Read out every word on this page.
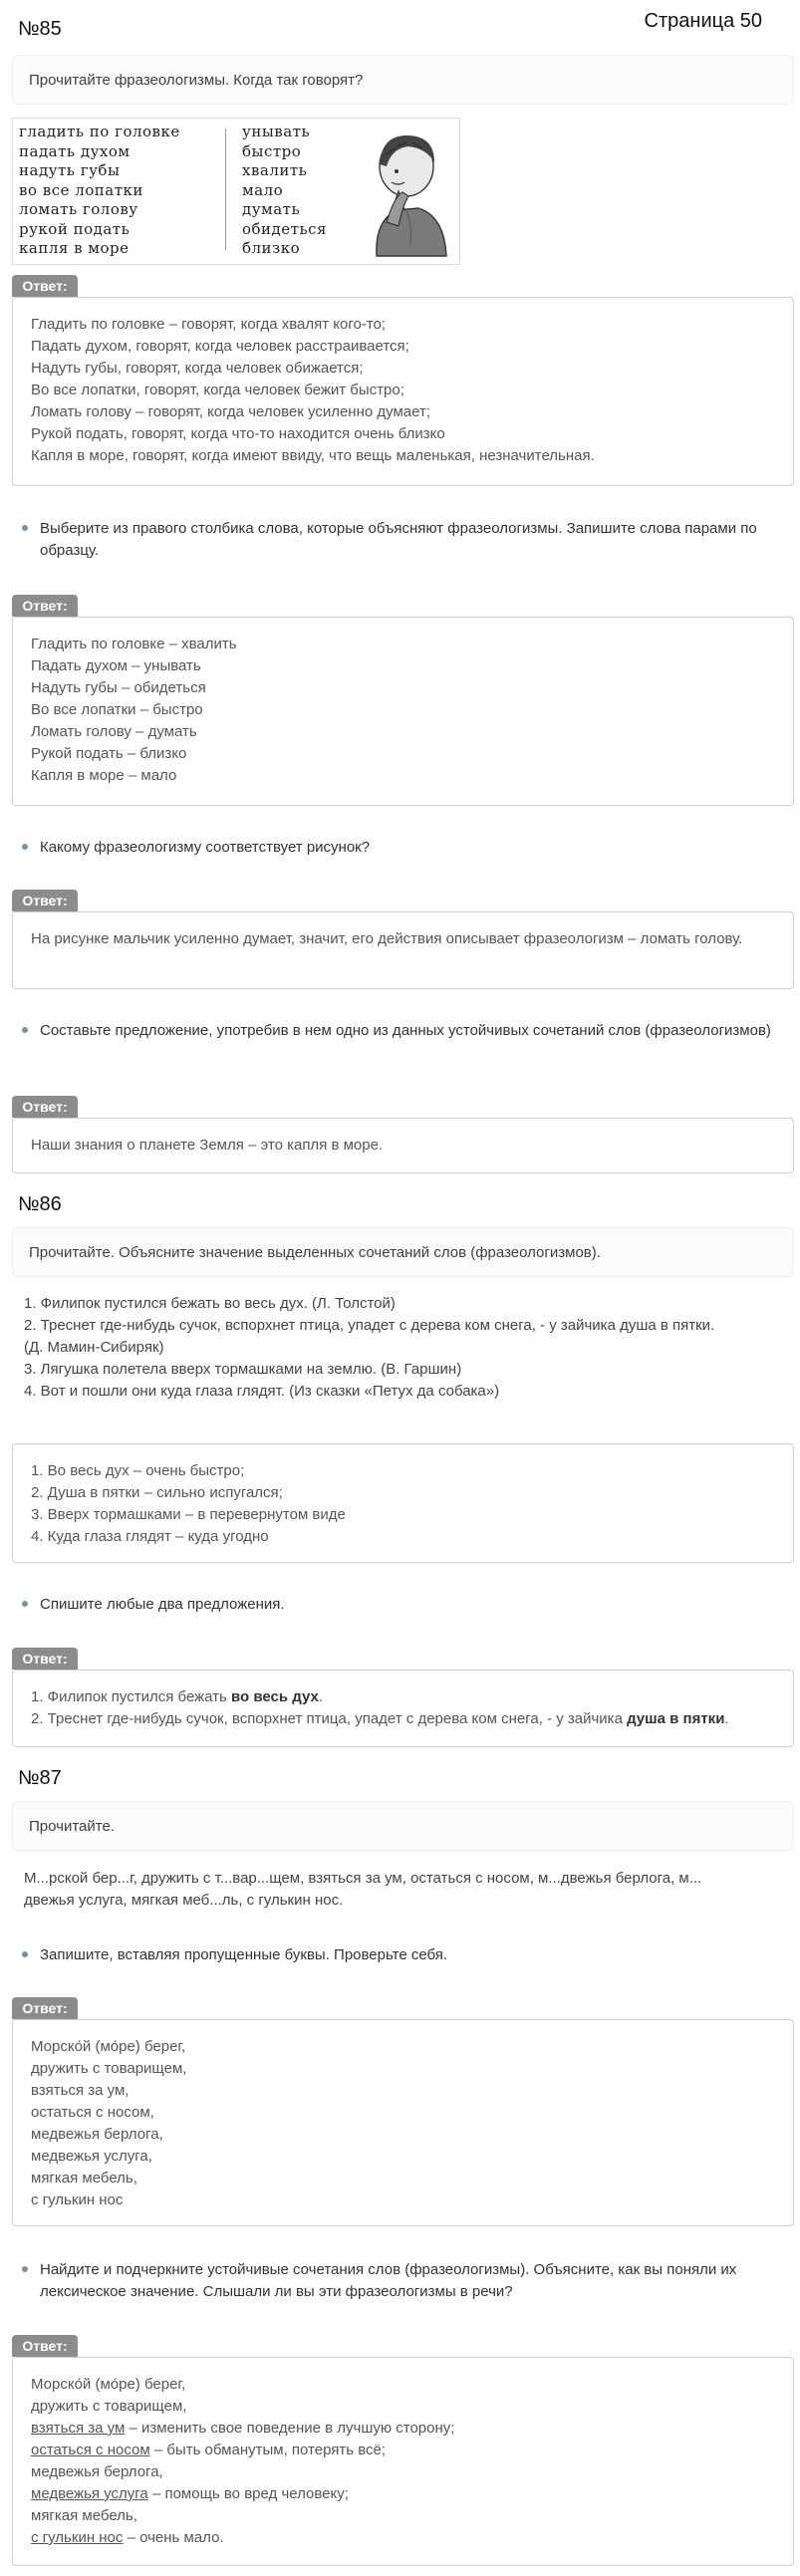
№85	Страница 50
Прочитайте фразеологизмы. Когда так говорят?
гладить по головке
падать духом
надуть губы
во все лопатки
ломать голову
рукой подать
капля в море
унывать
быстро
хвалить
мало
думать
обидеться
близко
Ответ:
Гладить по головке – говорят, когда хвалят кого-то;
Падать духом, говорят, когда человек расстраивается;
Надуть губы, говорят, когда человек обижается;
Во все лопатки, говорят, когда человек бежит быстро;
Ломать голову – говорят, когда человек усиленно думает;
Рукой подать, говорят, когда что-то находится очень близко
Капля в море, говорят, когда имеют ввиду, что вещь маленькая, незначительная.
Выберите из правого столбика слова, которые объясняют фразеологизмы. Запишите слова парами по образцу.
Ответ:
Гладить по головке – хвалить
Падать духом – унывать
Надуть губы – обидеться
Во все лопатки – быстро
Ломать голову – думать
Рукой подать – близко
Капля в море – мало
Какому фразеологизму соответствует рисунок?
Ответ:
На рисунке мальчик усиленно думает, значит, его действия описывает фразеологизм – ломать голову.
Составьте предложение, употребив в нем одно из данных устойчивых сочетаний слов (фразеологизмов)
Ответ:
Наши знания о планете Земля – это капля в море.
№86
Прочитайте. Объясните значение выделенных сочетаний слов (фразеологизмов).
1. Филипок пустился бежать во весь дух. (Л. Толстой)
2. Треснет где-нибудь сучок, вспорхнет птица, упадет с дерева ком снега, - у зайчика душа в пятки.
(Д. Мамин-Сибиряк)
3. Лягушка полетела вверх тормашками на землю. (В. Гаршин)
4. Вот и пошли они куда глаза глядят. (Из сказки «Петух да собака»)
1. Во весь дух – очень быстро;
2. Душа в пятки – сильно испугался;
3. Вверх тормашками – в перевернутом виде
4. Куда глаза глядят – куда угодно
Спишите любые два предложения.
Ответ:
1. Филипок пустился бежать во весь дух.
2. Треснет где-нибудь сучок, вспорхнет птица, упадет с дерева ком снега, - у зайчика душа в пятки.
№87
Прочитайте.
М...рской бер...г, дружить с т...вар...щем, взяться за ум, остаться с носом, м...двежья берлога, м...
двежья услуга, мягкая меб...ль, с гулькин нос.
Запишите, вставляя пропущенные буквы. Проверьте себя.
Ответ:
Морско́й (мо́ре) берег,
дружить с товарищем,
взяться за ум,
остаться с носом,
медвежья берлога,
медвежья услуга,
мягкая мебель,
с гулькин нос
Найдите и подчеркните устойчивые сочетания слов (фразеологизмы). Объясните, как вы поняли их лексическое значение. Слышали ли вы эти фразеологизмы в речи?
Ответ:
Морско́й (мо́ре) берег,
дружить с товарищем,
взяться за ум – изменить свое поведение в лучшую сторону;
остаться с носом – быть обманутым, потерять всё;
медвежья берлога,
медвежья услуга – помощь во вред человеку;
мягкая мебель,
с гулькин нос – очень мало.
